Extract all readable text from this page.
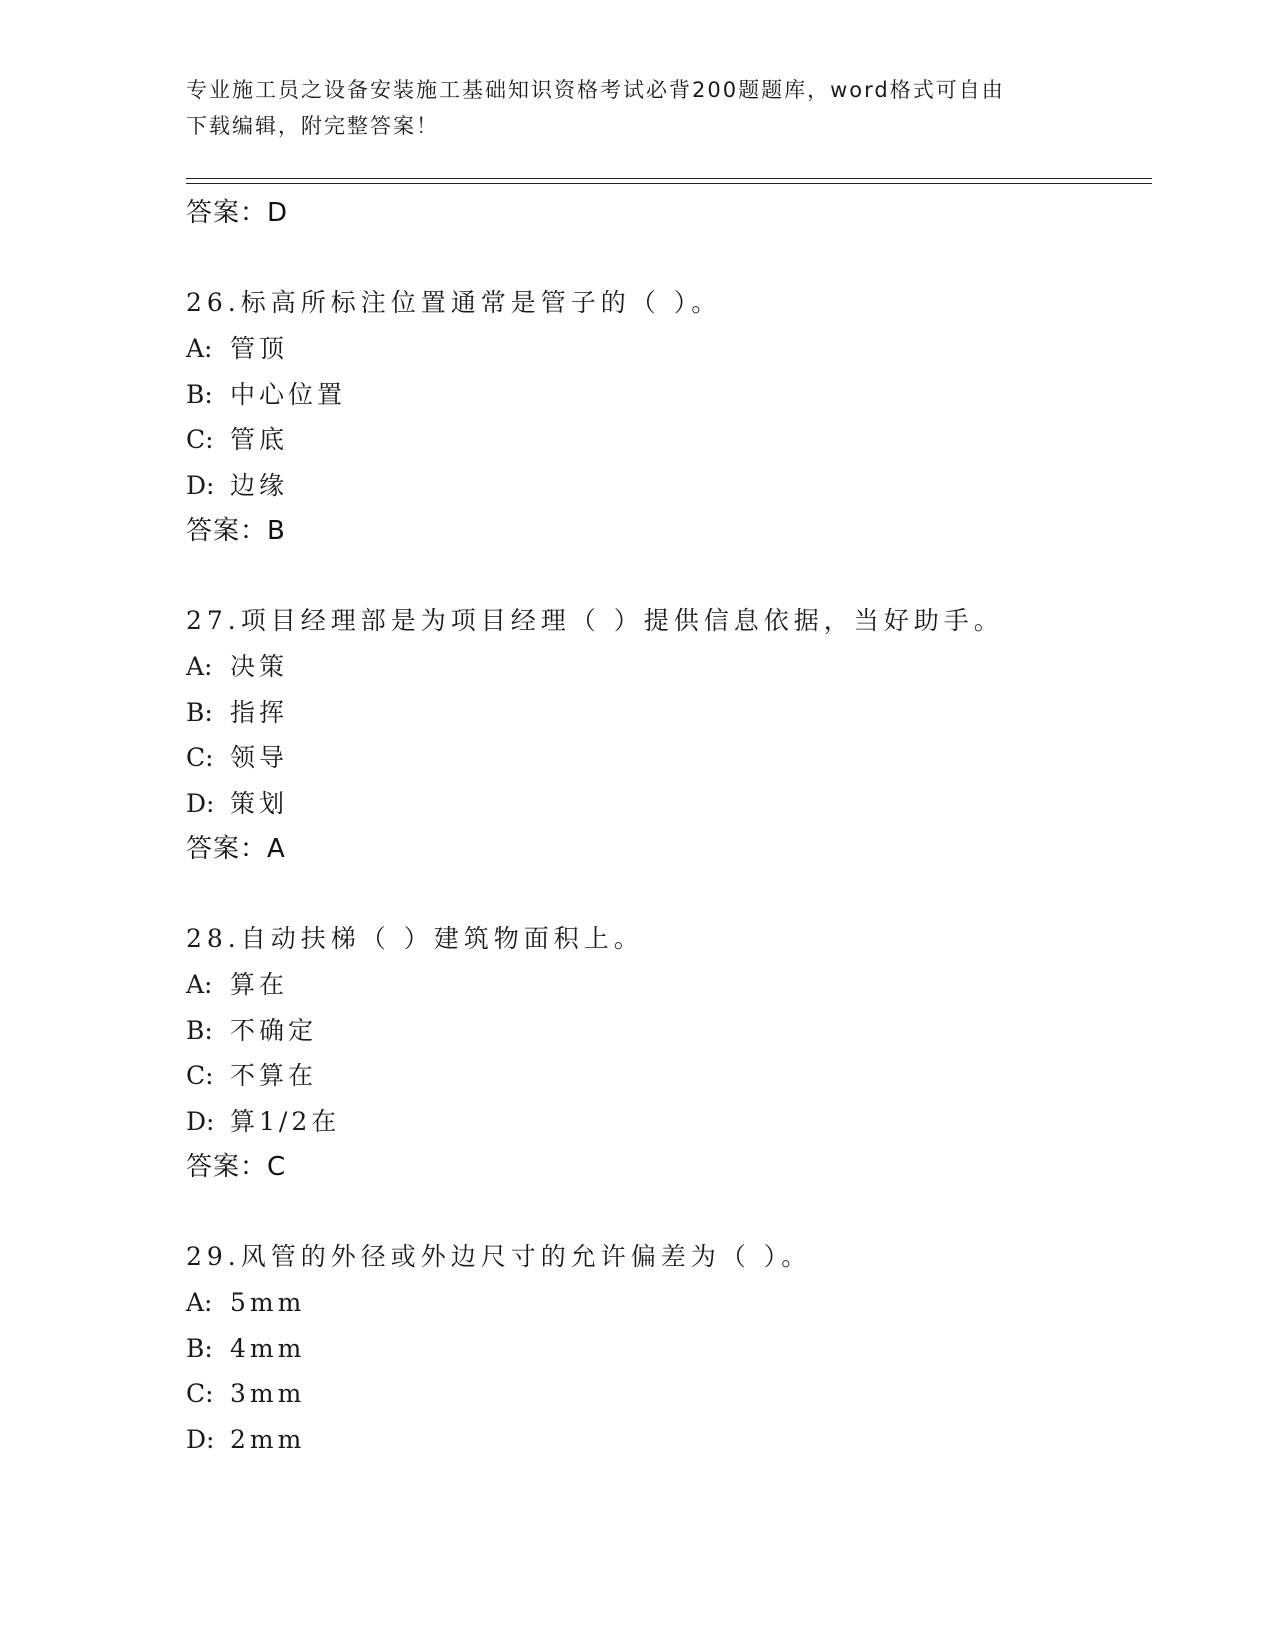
专业施工员之设备安装施工基础知识资格考试必背200题题库，word格式可自由
下载编辑，附完整答案！
答案：D
26.标高所标注位置通常是管子的（ ）。
A: 管顶
B: 中心位置
C: 管底
D: 边缘
答案：B
27.项目经理部是为项目经理（ ）提供信息依据，当好助手。
A: 决策
B: 指挥
C: 领导
D: 策划
答案：A
28.自动扶梯（ ）建筑物面积上。
A: 算在
B: 不确定
C: 不算在
D: 算1/2在
答案：C
29.风管的外径或外边尺寸的允许偏差为（ ）。
A: 5mm
B: 4mm
C: 3mm
D: 2mm
